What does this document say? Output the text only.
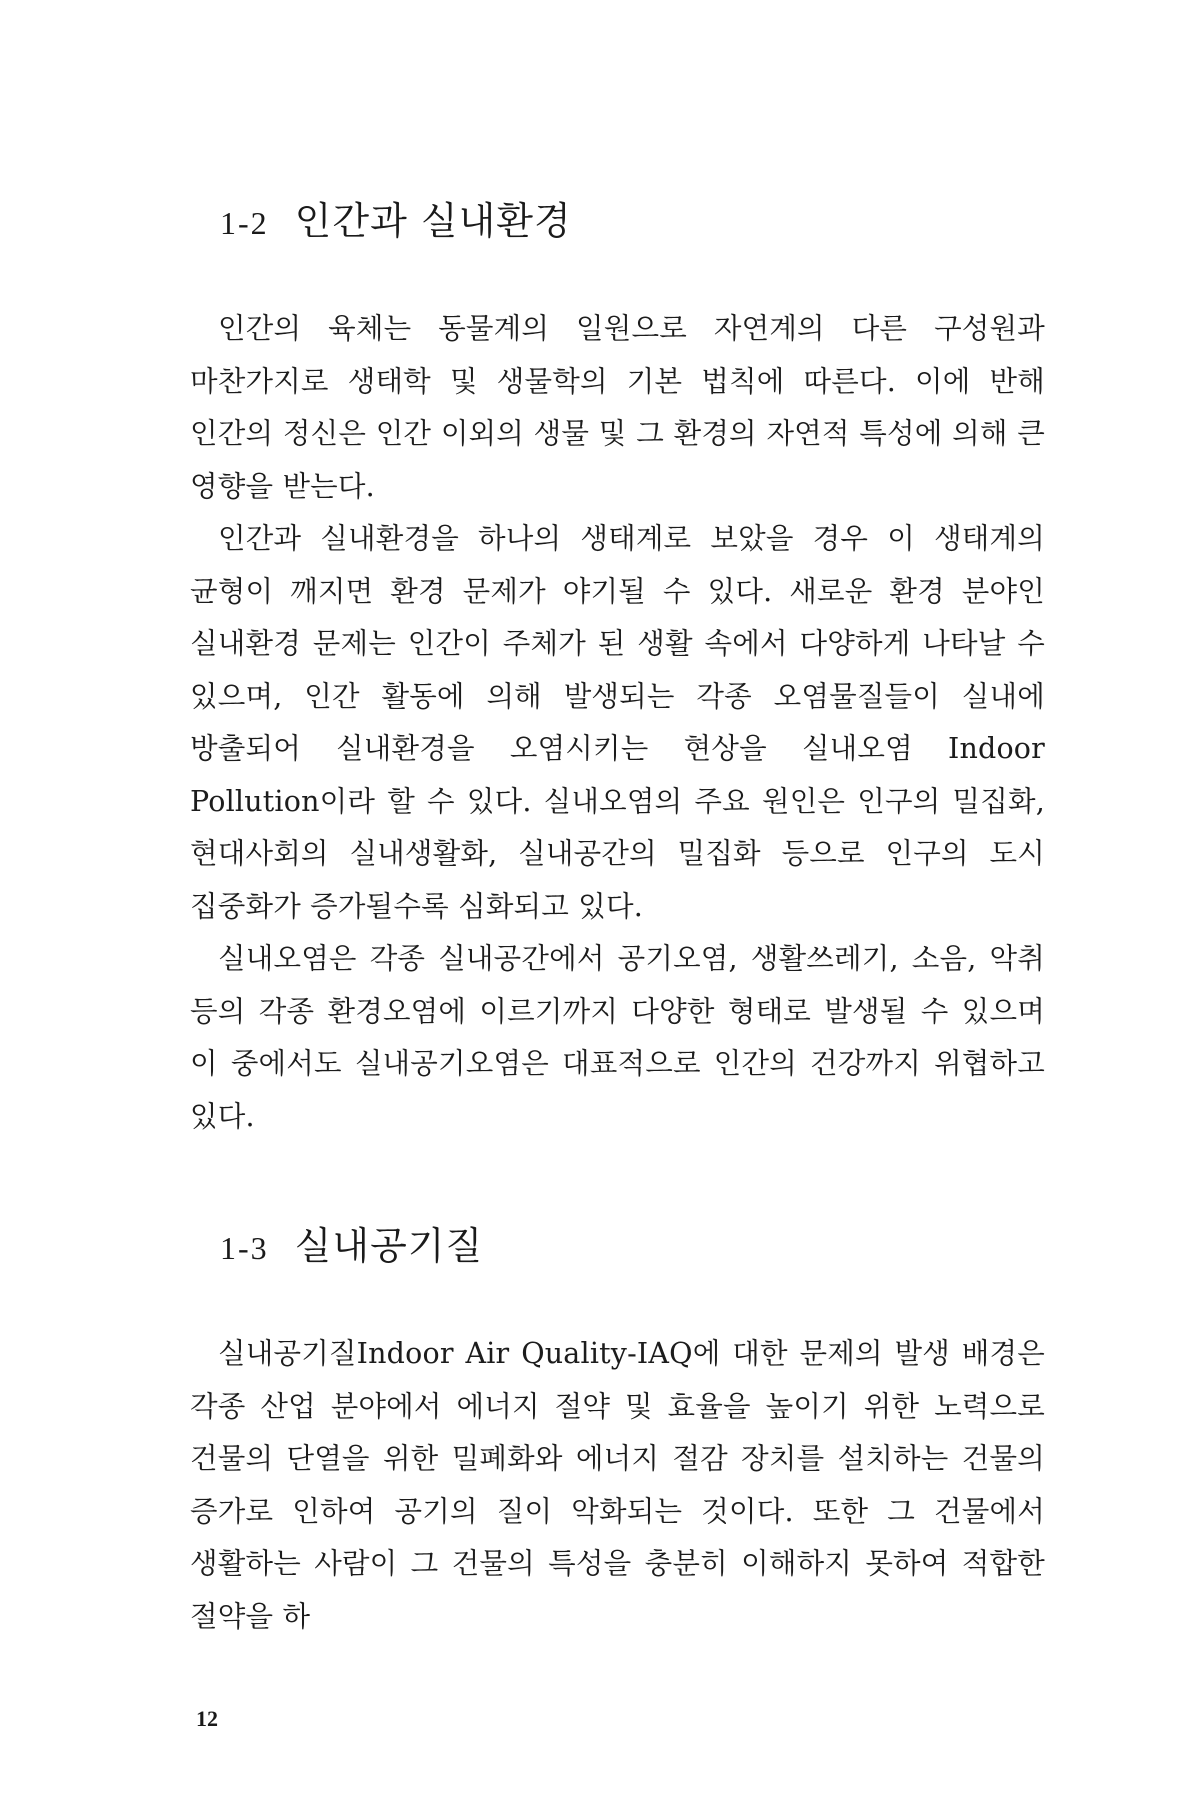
1-2 인간과 실내환경

인간의 육체는 동물계의 일원으로 자연계의 다른 구성원과 마찬가지로 생태학 및 생물학의 기본 법칙에 따른다. 이에 반해 인간의 정신은 인간 이외의 생물 및 그 환경의 자연적 특성에 의해 큰 영향을 받는다.

인간과 실내환경을 하나의 생태계로 보았을 경우 이 생태계의 균형이 깨지면 환경 문제가 야기될 수 있다. 새로운 환경 분야인 실내환경 문제는 인간이 주체가 된 생활 속에서 다양하게 나타날 수 있으며, 인간 활동에 의해 발생되는 각종 오염물질들이 실내에 방출되어 실내환경을 오염시키는 현상을 실내오염 Indoor Pollution이라 할 수 있다. 실내오염의 주요 원인은 인구의 밀집화, 현대사회의 실내생활화, 실내공간의 밀집화 등으로 인구의 도시 집중화가 증가될수록 심화되고 있다.

실내오염은 각종 실내공간에서 공기오염, 생활쓰레기, 소음, 악취 등의 각종 환경오염에 이르기까지 다양한 형태로 발생될 수 있으며 이 중에서도 실내공기오염은 대표적으로 인간의 건강까지 위협하고 있다.

1-3 실내공기질

실내공기질Indoor Air Quality-IAQ에 대한 문제의 발생 배경은 각종 산업 분야에서 에너지 절약 및 효율을 높이기 위한 노력으로 건물의 단열을 위한 밀폐화와 에너지 절감 장치를 설치하는 건물의 증가로 인하여 공기의 질이 악화되는 것이다. 또한 그 건물에서 생활하는 사람이 그 건물의 특성을 충분히 이해하지 못하여 적합한 절약을 하

12
